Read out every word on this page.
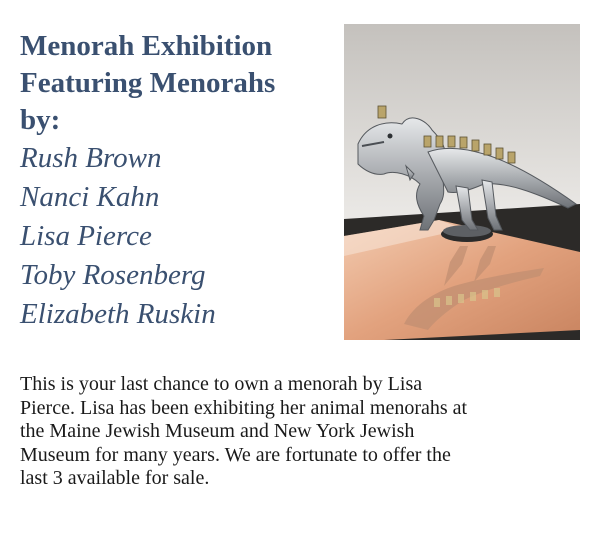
Menorah Exhibition
Featuring Menorahs
by:
Rush Brown
Nanci Kahn
Lisa Pierce
Toby Rosenberg
Elizabeth Ruskin

This is your last chance to own a menorah by Lisa
Pierce. Lisa has been exhibiting her animal menorahs at
the Maine Jewish Museum and New York Jewish
Museum for many years. We are fortunate to offer the
last 3 available for sale.
